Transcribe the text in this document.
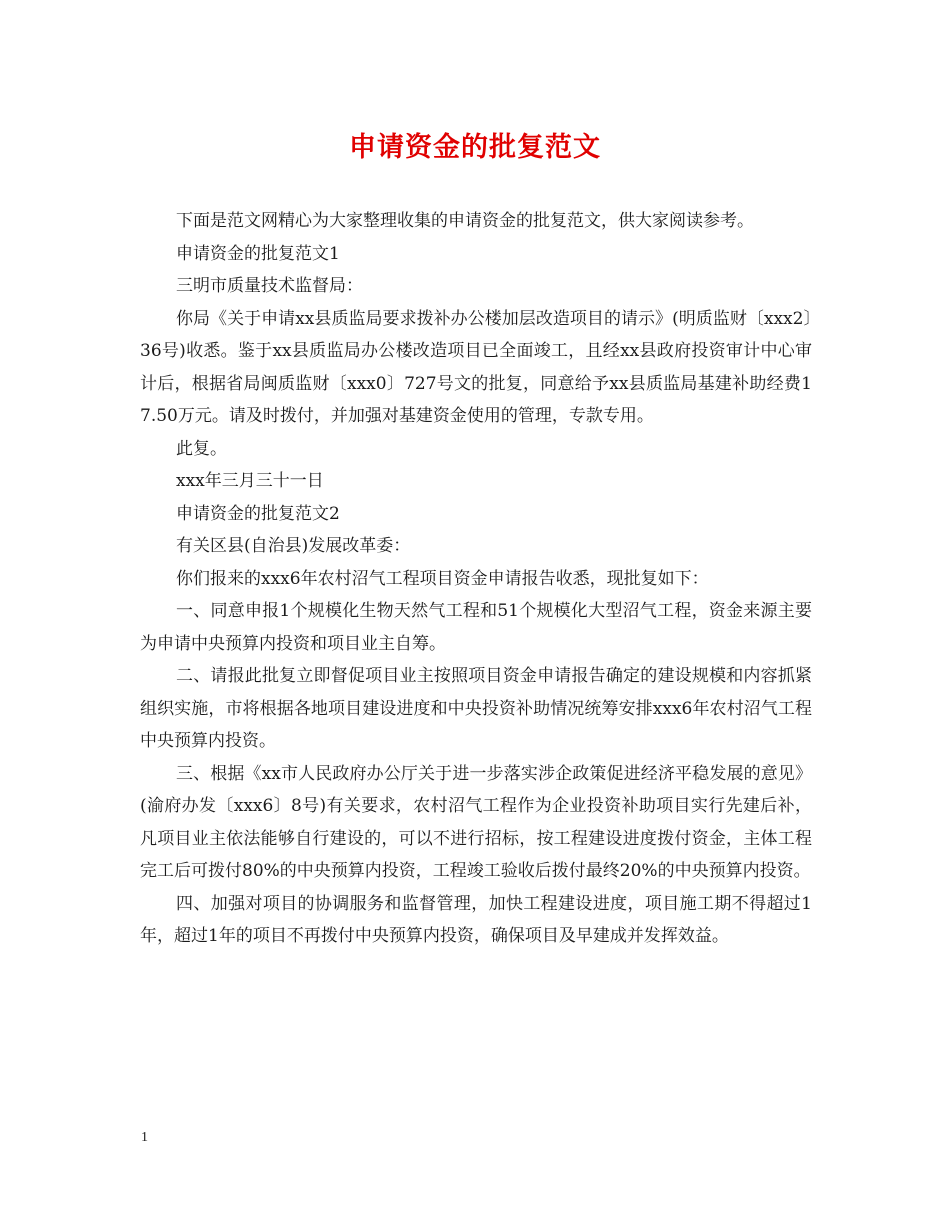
申请资金的批复范文

下面是范文网精心为大家整理收集的申请资金的批复范文，供大家阅读参考。

申请资金的批复范文1

三明市质量技术监督局：

你局《关于申请xx县质监局要求拨补办公楼加层改造项目的请示》(明质监财〔xxx2〕36号)收悉。鉴于xx县质监局办公楼改造项目已全面竣工，且经xx县政府投资审计中心审计后，根据省局闽质监财〔xxx0〕727号文的批复，同意给予xx县质监局基建补助经费17.50万元。请及时拨付，并加强对基建资金使用的管理，专款专用。

此复。

xxx年三月三十一日

申请资金的批复范文2

有关区县(自治县)发展改革委：

你们报来的xxx6年农村沼气工程项目资金申请报告收悉，现批复如下：

一、同意申报1个规模化生物天然气工程和51个规模化大型沼气工程，资金来源主要为申请中央预算内投资和项目业主自筹。

二、请报此批复立即督促项目业主按照项目资金申请报告确定的建设规模和内容抓紧组织实施，市将根据各地项目建设进度和中央投资补助情况统筹安排xxx6年农村沼气工程中央预算内投资。

三、根据《xx市人民政府办公厅关于进一步落实涉企政策促进经济平稳发展的意见》(渝府办发〔xxx6〕8号)有关要求，农村沼气工程作为企业投资补助项目实行先建后补，凡项目业主依法能够自行建设的，可以不进行招标，按工程建设进度拨付资金，主体工程完工后可拨付80%的中央预算内投资，工程竣工验收后拨付最终20%的中央预算内投资。

四、加强对项目的协调服务和监督管理，加快工程建设进度，项目施工期不得超过1年，超过1年的项目不再拨付中央预算内投资，确保项目及早建成并发挥效益。

1
